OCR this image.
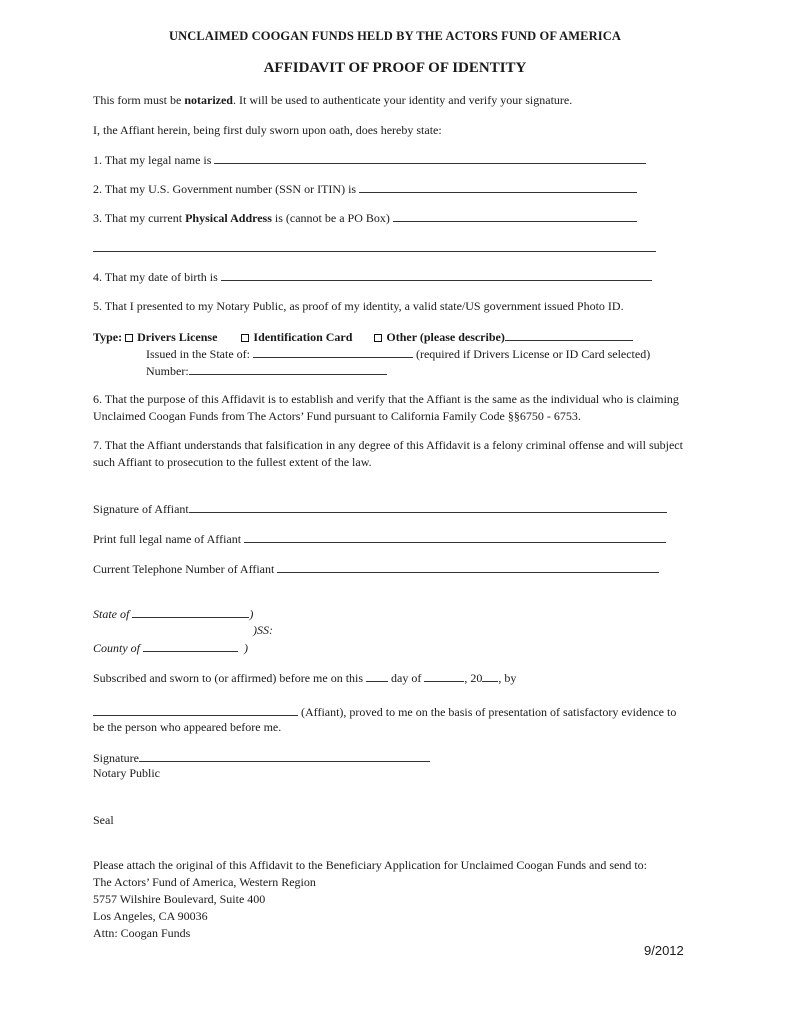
UNCLAIMED COOGAN FUNDS HELD BY THE ACTORS FUND OF AMERICA
AFFIDAVIT OF PROOF OF IDENTITY
This form must be notarized. It will be used to authenticate your identity and verify your signature.
I, the Affiant herein, being first duly sworn upon oath, does hereby state:
1. That my legal name is
2. That my U.S. Government number (SSN or ITIN) is
3. That my current Physical Address is (cannot be a PO Box)
4. That my date of birth is
5. That I presented to my Notary Public, as proof of my identity, a valid state/US government issued Photo ID.
Type: Drivers License	Identification Card	Other (please describe)
Issued in the State of:	(required if Drivers License or ID Card selected)
Number:
6. That the purpose of this Affidavit is to establish and verify that the Affiant is the same as the individual who is claiming Unclaimed Coogan Funds from The Actors’ Fund pursuant to California Family Code §§6750 - 6753.
7. That the Affiant understands that falsification in any degree of this Affidavit is a felony criminal offense and will subject such Affiant to prosecution to the fullest extent of the law.
Signature of Affiant
Print full legal name of Affiant
Current Telephone Number of Affiant
State of	)
)SS:
County of	)
Subscribed and sworn to (or affirmed) before me on this day of	, 20 , by
(Affiant), proved to me on the basis of presentation of satisfactory evidence to
be the person who appeared before me.
Signature
Notary Public
Seal
Please attach the original of this Affidavit to the Beneficiary Application for Unclaimed Coogan Funds and send to:
The Actors’ Fund of America, Western Region
5757 Wilshire Boulevard, Suite 400
Los Angeles, CA 90036
Attn: Coogan Funds
9/2012
